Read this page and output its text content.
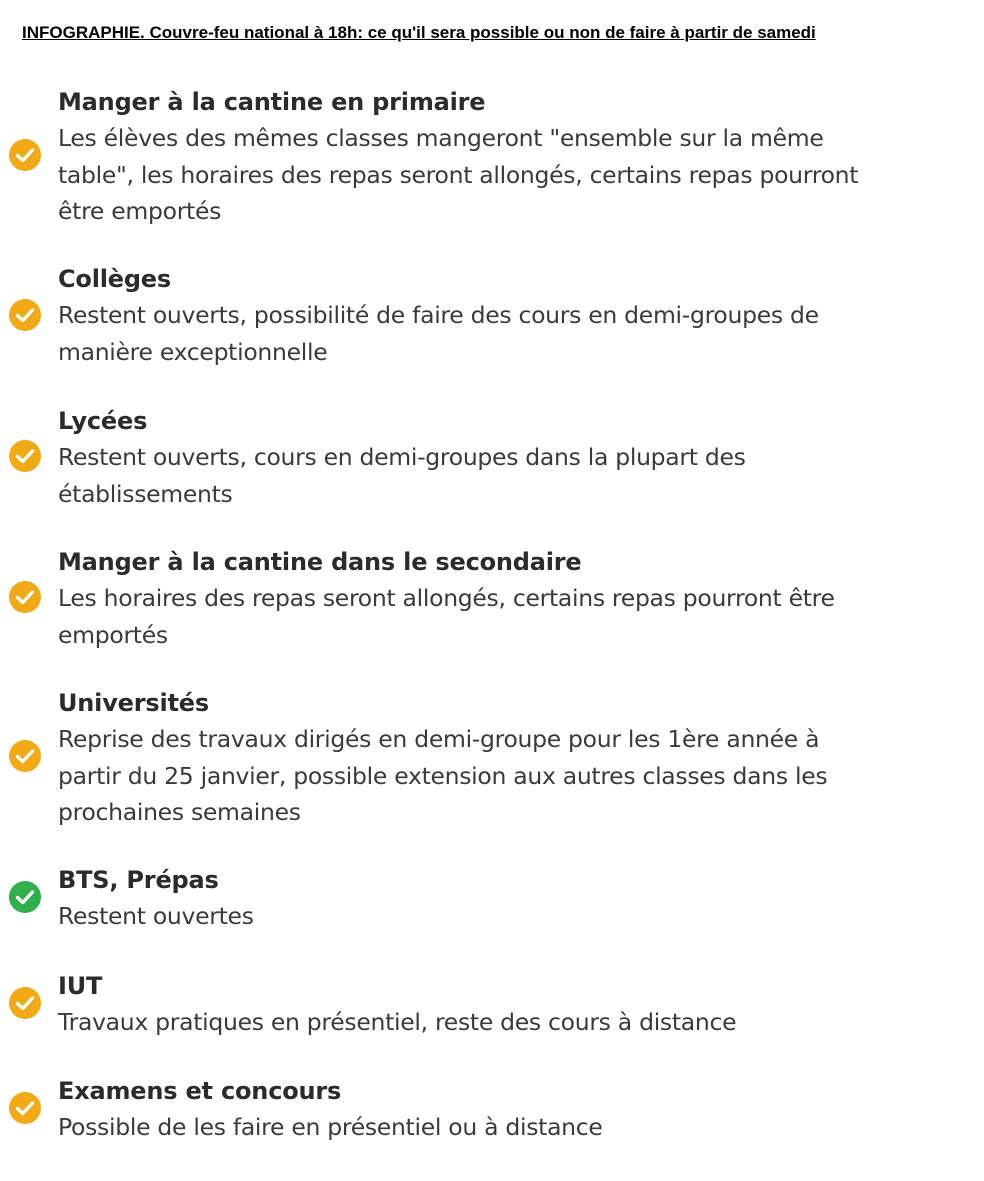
INFOGRAPHIE. Couvre-feu national à 18h: ce qu'il sera possible ou non de faire à partir de samedi
Manger à la cantine en primaire

Les élèves des mêmes classes mangeront "ensemble sur la même table", les horaires des repas seront allongés, certains repas pourront être emportés

Collèges

Restent ouverts, possibilité de faire des cours en demi-groupes de manière exceptionnelle

Lycées

Restent ouverts, cours en demi-groupes dans la plupart des établissements

Manger à la cantine dans le secondaire

Les horaires des repas seront allongés, certains repas pourront être emportés

Universités

Reprise des travaux dirigés en demi-groupe pour les 1ère année à partir du 25 janvier, possible extension aux autres classes dans les prochaines semaines

BTS, Prépas

Restent ouvertes

IUT

Travaux pratiques en présentiel, reste des cours à distance

Examens et concours

Possible de les faire en présentiel ou à distance
